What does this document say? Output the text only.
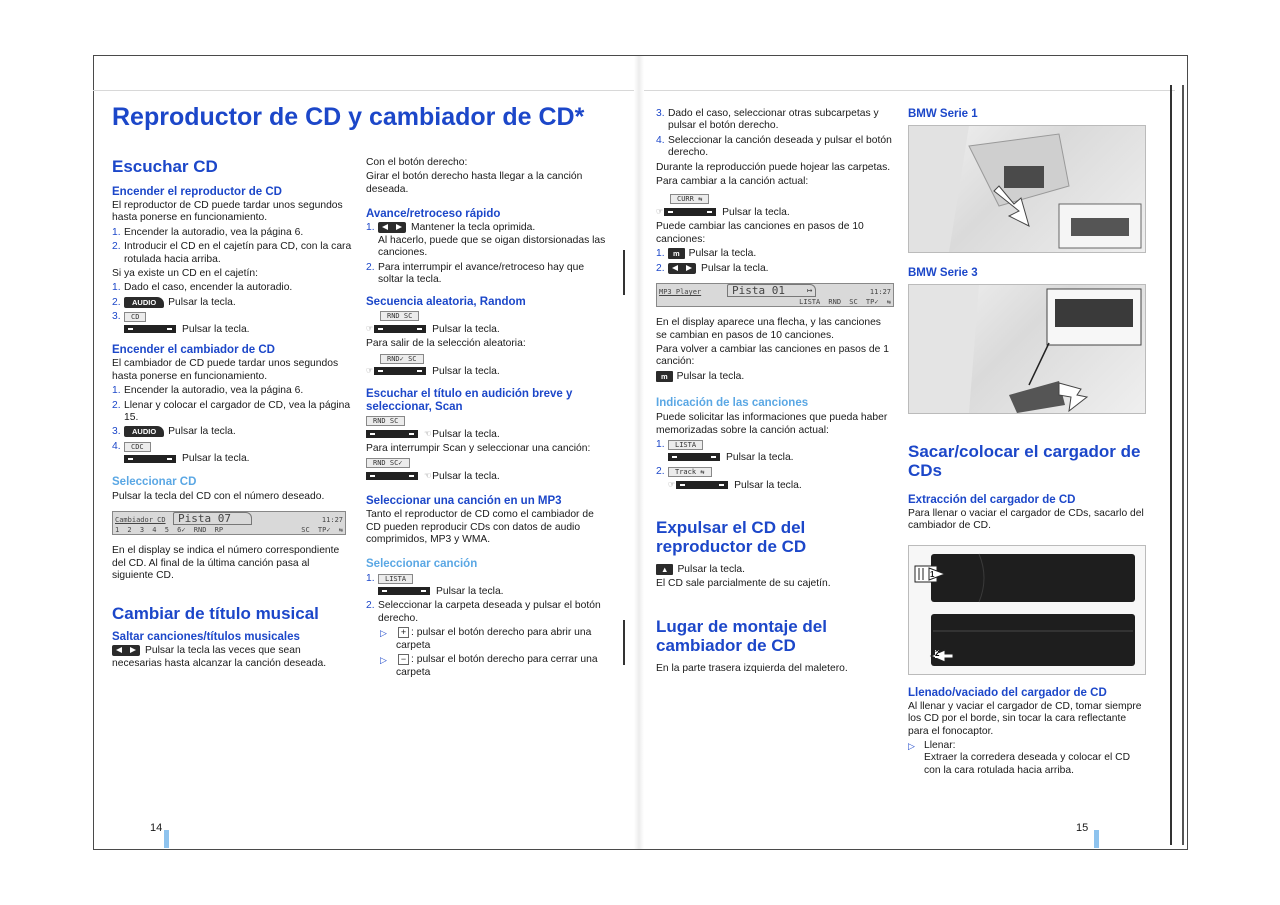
Reproductor de CD y cambiador de CD*
Escuchar CD
Encender el reproductor de CD

El reproductor de CD puede tardar unos segundos hasta ponerse en funcionamiento.

1. Encender la autoradio, vea la página 6.
2. Introducir el CD en el cajetín para CD, con la cara rotulada hacia arriba.

Si ya existe un CD en el cajetín:

1. Dado el caso, encender la autoradio.
2. AUDIO Pulsar la tecla.
3. CD
Pulsar la tecla.
Encender el cambiador de CD

El cambiador de CD puede tardar unos segundos hasta ponerse en funcionamiento.

1. Encender la autoradio, vea la página 6.
2. Llenar y colocar el cargador de CD, vea la página 15.
3. AUDIO Pulsar la tecla.
4. CDC
Pulsar la tecla.
Seleccionar CD

Pulsar la tecla del CD con el número deseado.

Cambiador CD	Pista 07	11:27
1 2 3 4 5 6✓ RND RP	SC TP✓ ⇆

En el display se indica el número correspondiente del CD. Al final de la última canción pasa al siguiente CD.

Cambiar de título musical
Saltar canciones/títulos musicales

Pulsar la tecla las veces que sean necesarias hasta alcanzar la canción deseada.

Con el botón derecho:

Girar el botón derecho hasta llegar a la canción deseada.

Avance/retroceso rápido
1.	Mantener la tecla oprimida.
Al hacerlo, puede que se oigan distorsionadas las canciones.
2. Para interrumpir el avance/retroceso hay que soltar la tecla.
Secuencia aleatoria, Random
RND SC

☞	Pulsar la tecla.

Para salir de la selección aleatoria:

RND✓ SC

☞	Pulsar la tecla.

Escuchar el título en audición breve y seleccionar, Scan
RND SC

☜Pulsar la tecla.

Para interrumpir Scan y seleccionar una canción:

RND SC✓

☜Pulsar la tecla.

Seleccionar una canción en un MP3

Tanto el reproductor de CD como el cambiador de CD pueden reproducir CDs con datos de audio comprimidos, MP3 y WMA.

Seleccionar canción
1. LISTA
Pulsar la tecla.
2. Seleccionar la carpeta deseada y pulsar el botón derecho.
▷ + : pulsar el botón derecho para abrir una carpeta
▷ − : pulsar el botón derecho para cerrar una carpeta
14
3. Dado el caso, seleccionar otras subcarpetas y pulsar el botón derecho.
4. Seleccionar la canción deseada y pulsar el botón derecho.

Durante la reproducción puede hojear las carpetas.

Para cambiar a la canción actual:

CURR ⇆

☞	Pulsar la tecla.

Puede cambiar las canciones en pasos de 10 canciones:

1. m Pulsar la tecla.
2.	Pulsar la tecla.
MP3 Player	Pista 01	↦	11:27
LISTA RND SC TP✓ ⇆

En el display aparece una flecha, y las canciones se cambian en pasos de 10 canciones.

Para volver a cambiar las canciones en pasos de 1 canción:

m Pulsar la tecla.

Indicación de las canciones

Puede solicitar las informaciones que pueda haber memorizadas sobre la canción actual:

1. LISTA
Pulsar la tecla.
2. Track ⇆
☞	Pulsar la tecla.
Expulsar el CD del reproductor de CD

▲ Pulsar la tecla.

El CD sale parcialmente de su cajetín.

Lugar de montaje del cambiador de CD

En la parte trasera izquierda del maletero.

BMW Serie 1
BMW Serie 3
Sacar/colocar el cargador de CDs
Extracción del cargador de CD

Para llenar o vaciar el cargador de CDs, sacarlo del cambiador de CD.

1
2
Llenado/vaciado del cargador de CD

Al llenar y vaciar el cargador de CD, tomar siempre los CD por el borde, sin tocar la cara reflectante para el fonocaptor.

▷ Llenar:
Extraer la corredera deseada y colocar el CD con la cara rotulada hacia arriba.
15
